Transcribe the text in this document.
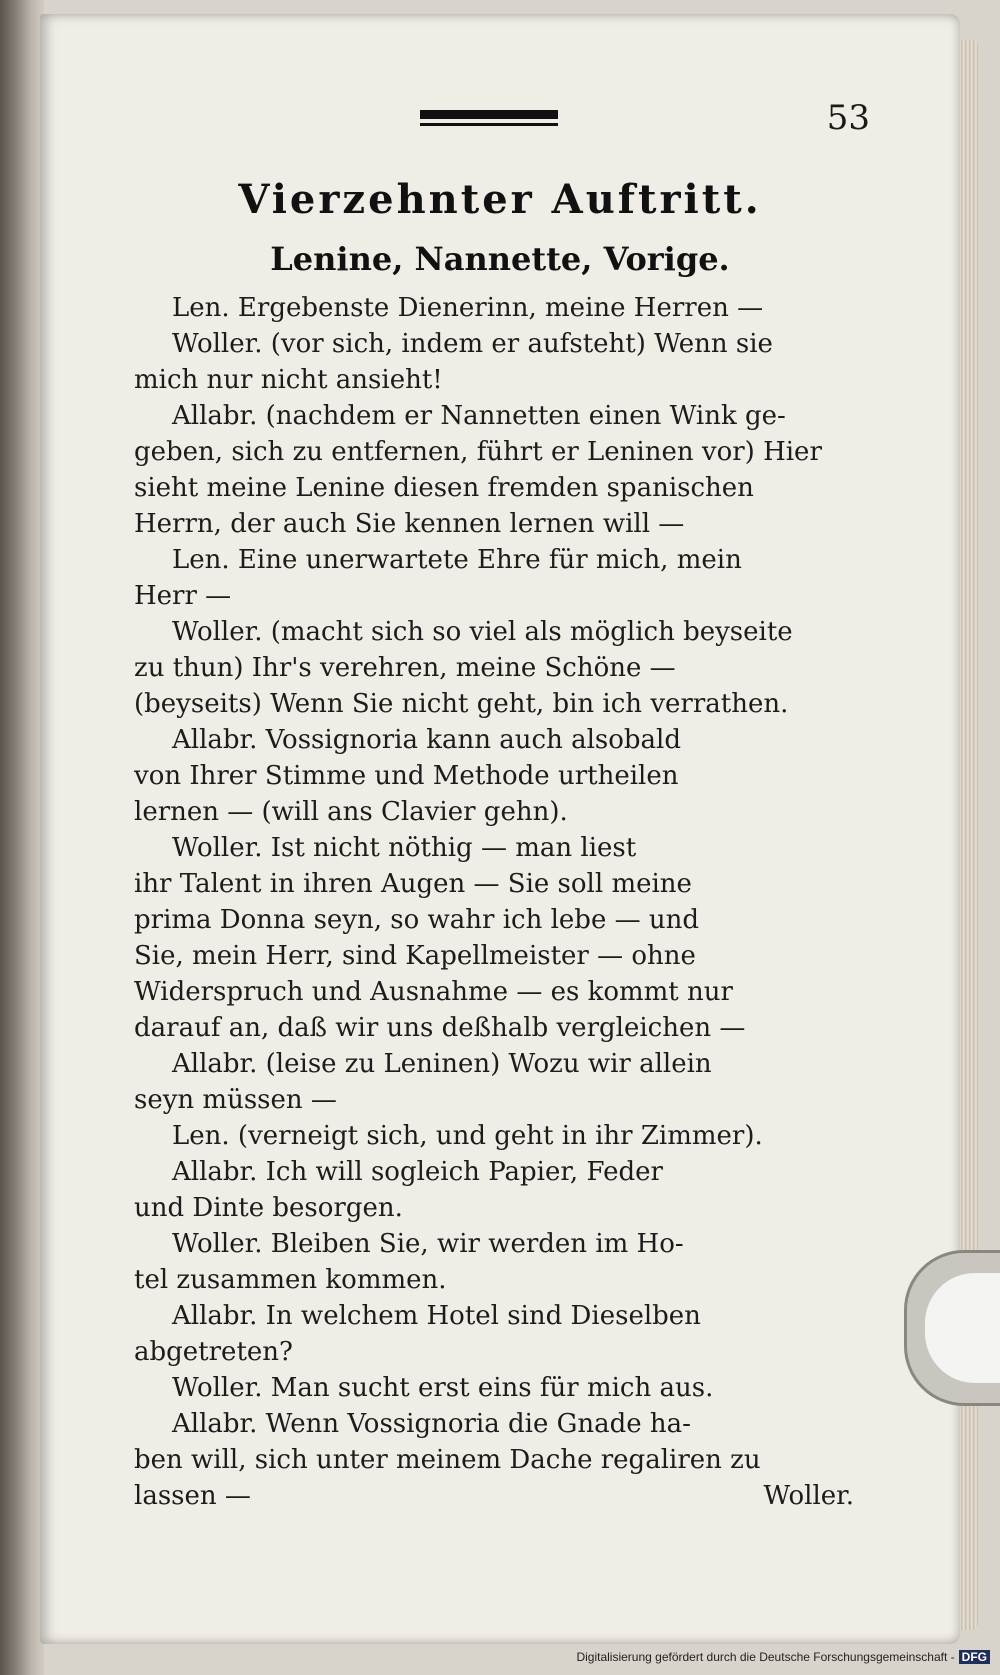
53
Vierzehnter Auftritt.
Lenine, Nannette, Vorige.
Len. Ergebenste Dienerinn, meine Herren —
Woller. (vor sich, indem er aufsteht) Wenn sie
mich nur nicht ansieht!
Allabr. (nachdem er Nannetten einen Wink ge-
geben, sich zu entfernen, führt er Leninen vor) Hier
sieht meine Lenine diesen fremden spanischen
Herrn, der auch Sie kennen lernen will —
Len. Eine unerwartete Ehre für mich, mein
Herr —
Woller. (macht sich so viel als möglich beyseite
zu thun) Ihr's verehren, meine Schöne —
(beyseits) Wenn Sie nicht geht, bin ich verrathen.
Allabr. Vossignoria kann auch alsobald
von Ihrer Stimme und Methode urtheilen
lernen — (will ans Clavier gehn).
Woller. Ist nicht nöthig — man liest
ihr Talent in ihren Augen — Sie soll meine
prima Donna seyn, so wahr ich lebe — und
Sie, mein Herr, sind Kapellmeister — ohne
Widerspruch und Ausnahme — es kommt nur
darauf an, daß wir uns deßhalb vergleichen —
Allabr. (leise zu Leninen) Wozu wir allein
seyn müssen —
Len. (verneigt sich, und geht in ihr Zimmer).
Allabr. Ich will sogleich Papier, Feder
und Dinte besorgen.
Woller. Bleiben Sie, wir werden im Ho-
tel zusammen kommen.
Allabr. In welchem Hotel sind Dieselben
abgetreten?
Woller. Man sucht erst eins für mich aus.
Allabr. Wenn Vossignoria die Gnade ha-
ben will, sich unter meinem Dache regaliren zu
lassen —	Woller.
Digitalisierung gefördert durch die Deutsche Forschungsgemeinschaft - DFG
